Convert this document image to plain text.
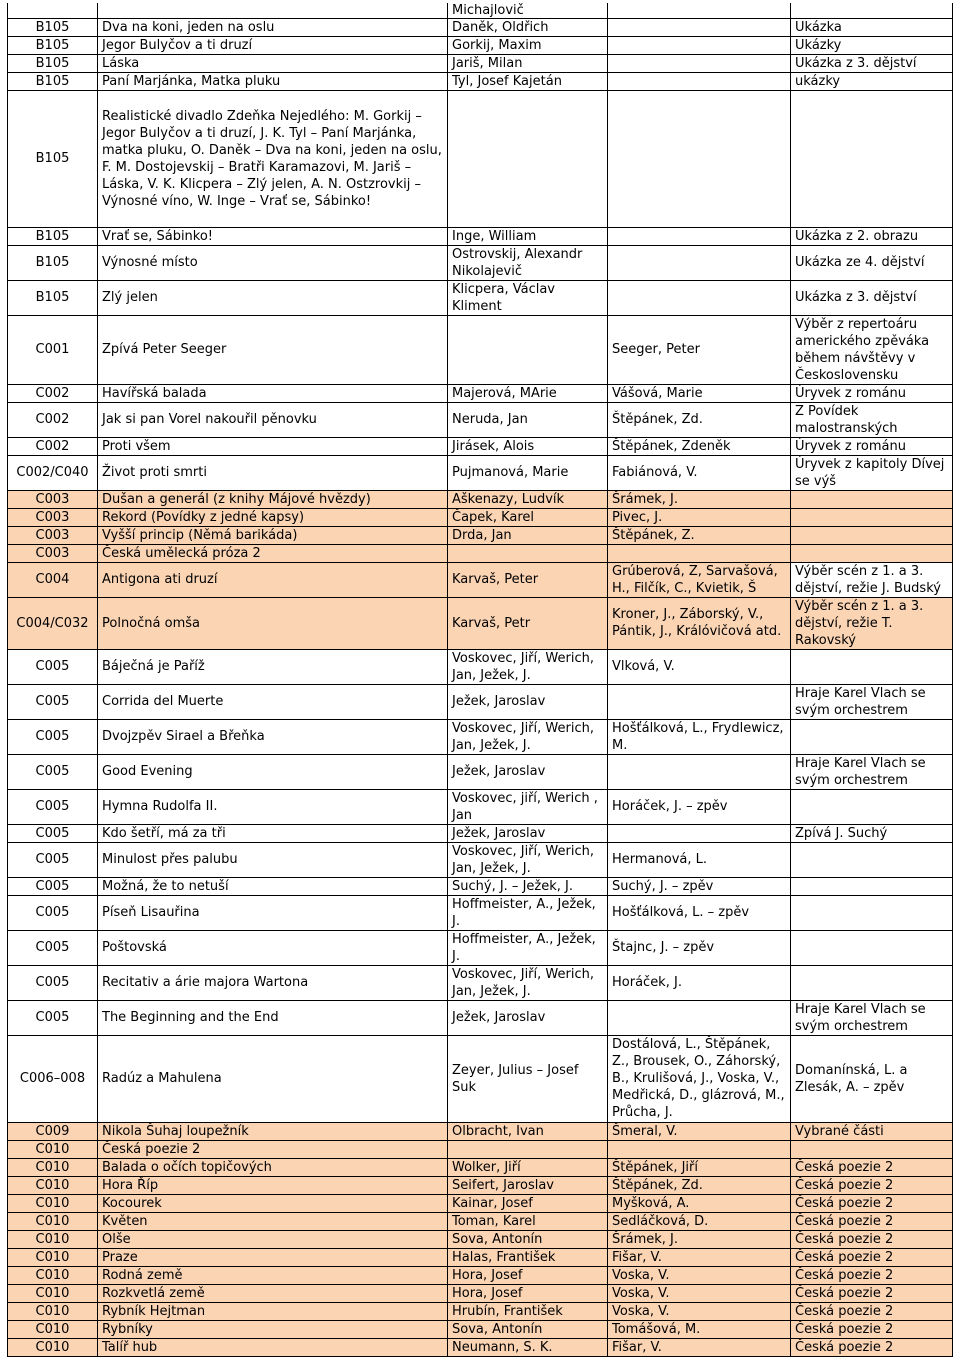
		Michajlovič		
B105	Dva na koni, jeden na oslu	Daněk, Oldřich		Ukázka
B105	Jegor Bulyčov a ti druzí	Gorkij, Maxim		Ukázky
B105	Láska	Jariš, Milan		Ukázka z 3. dějství
B105	Paní Marjánka, Matka pluku	Tyl, Josef Kajetán		ukázky
B105	Realistické divadlo Zdeňka Nejedlého: M. Gorkij – Jegor Bulyčov a ti druzí, J. K. Tyl – Paní Marjánka, matka pluku, O. Daněk – Dva na koni, jeden na oslu, F. M. Dostojevskij – Bratři Karamazovi, M. Jariš – Láska, V. K. Klicpera – Zlý jelen, A. N. Ostzrovkij – Výnosné víno, W. Inge – Vrať se, Sábinko!			
B105	Vrať se, Sábinko!	Inge, William		Ukázka z 2. obrazu
B105	Výnosné místo	Ostrovskij, Alexandr Nikolajevič		Ukázka ze 4. dějství
B105	Zlý jelen	Klicpera, Václav Kliment		Ukázka z 3. dějství
C001	Zpívá Peter Seeger		Seeger, Peter	Výběr z repertoáru amerického zpěváka během návštěvy v Československu
C002	Havířská balada	Majerová, MArie	Vášová, Marie	Úryvek z románu
C002	Jak si pan Vorel nakouřil pěnovku	Neruda, Jan	Štěpánek, Zd.	Z Povídek malostranských
C002	Proti všem	Jirásek, Alois	Štěpánek, Zdeněk	Úryvek z románu
C002/C040	Život proti smrti	Pujmanová, Marie	Fabiánová, V.	Úryvek z kapitoly Dívej se výš
C003	Dušan a generál (z knihy Májové hvězdy)	Aškenazy, Ludvík	Šrámek, J.	
C003	Rekord (Povídky z jedné kapsy)	Čapek, Karel	Pivec, J.	
C003	Vyšší princip (Němá barikáda)	Drda, Jan	Štěpánek, Z.	
C003	Česká umělecká próza 2			
C004	Antigona ati druzí	Karvaš, Peter	Grúberová, Z, Sarvašová, H., Filčík, C., Kvietik, Š	Výběr scén z 1. a 3. dějství, režie J. Budský
C004/C032	Polnočná omša	Karvaš, Petr	Kroner, J., Záborský, V., Pántik, J., Králóvičová atd.	Výběr scén z 1. a 3. dějství, režie T. Rakovský
C005	Báječná je Paříž	Voskovec, Jiří, Werich, Jan, Ježek, J.	Vlková, V.	
C005	Corrida del Muerte	Ježek, Jaroslav		Hraje Karel Vlach se svým orchestrem
C005	Dvojzpěv Sirael a Břeňka	Voskovec, Jiří, Werich, Jan, Ježek, J.	Hošťálková, L., Frydlewicz, M.	
C005	Good Evening	Ježek, Jaroslav		Hraje Karel Vlach se svým orchestrem
C005	Hymna Rudolfa II.	Voskovec, jiří, Werich , Jan	Horáček, J. – zpěv	
C005	Kdo šetří, má za tři	Ježek, Jaroslav		Zpívá J. Suchý
C005	Minulost přes palubu	Voskovec, Jiří, Werich, Jan, Ježek, J.	Hermanová, L.	
C005	Možná, že to netuší	Suchý, J. – Ježek, J.	Suchý, J. – zpěv	
C005	Píseň Lisauřina	Hoffmeister, A., Ježek, J.	Hošťálková, L. – zpěv	
C005	Poštovská	Hoffmeister, A., Ježek, J.	Štajnc, J. – zpěv	
C005	Recitativ a árie majora Wartona	Voskovec, Jiří, Werich, Jan, Ježek, J.	Horáček, J.	
C005	The Beginning and the End	Ježek, Jaroslav		Hraje Karel Vlach se svým orchestrem
C006–008	Radúz a Mahulena	Zeyer, Julius – Josef Suk	Dostálová, L., Štěpánek, Z., Brousek, O., Záhorský, B., Krulišová, J., Voska, V., Medřická, D., glázrová, M., Průcha, J.	Domanínská, L. a Zlesák, A. – zpěv
C009	Nikola Šuhaj loupežník	Olbracht, Ivan	Šmeral, V.	Vybrané části
C010	Česká poezie 2			
C010	Balada o očích topičových	Wolker, Jiří	Štěpánek, Jiří	Česká poezie 2
C010	Hora Říp	Seifert, Jaroslav	Štěpánek, Zd.	Česká poezie 2
C010	Kocourek	Kainar, Josef	Myšková, A.	Česká poezie 2
C010	Květen	Toman, Karel	Sedláčková, D.	Česká poezie 2
C010	Olše	Sova, Antonín	Šrámek, J.	Česká poezie 2
C010	Praze	Halas, František	Fišar, V.	Česká poezie 2
C010	Rodná země	Hora, Josef	Voska, V.	Česká poezie 2
C010	Rozkvetlá země	Hora, Josef	Voska, V.	Česká poezie 2
C010	Rybník Hejtman	Hrubín, František	Voska, V.	Česká poezie 2
C010	Rybníky	Sova, Antonín	Tomášová, M.	Česká poezie 2
C010	Talíř hub	Neumann, S. K.	Fišar, V.	Česká poezie 2
